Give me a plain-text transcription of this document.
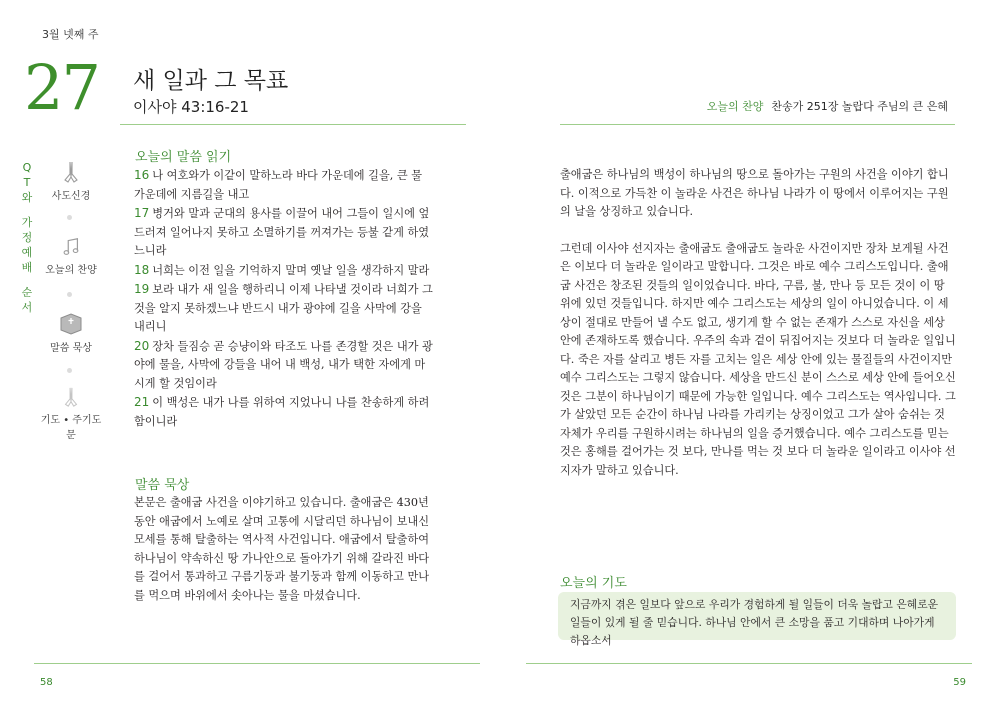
3월 넷째 주
27 새 일과 그 목표
이사야 43:16-21	오늘의 찬양 찬송가 251장 놀랍다 주님의 큰 은혜
Q
T
와
가
정
예
배
순
서
사도신경
오늘의 찬양
말씀 묵상
기도 • 주기도문
오늘의 말씀 읽기

16 나 여호와가 이같이 말하노라 바다 가운데에 길을, 큰 물 가운데에 지름길을 내고

17 병거와 말과 군대의 용사를 이끌어 내어 그들이 일시에 엎드러져 일어나지 못하고 소멸하기를 꺼져가는 등불 같게 하였느니라

18 너희는 이전 일을 기억하지 말며 옛날 일을 생각하지 말라

19 보라 내가 새 일을 행하리니 이제 나타낼 것이라 너희가 그것을 알지 못하겠느냐 반드시 내가 광야에 길을 사막에 강을 내리니

20 장차 들짐승 곧 승냥이와 타조도 나를 존경할 것은 내가 광야에 물을, 사막에 강들을 내어 내 백성, 내가 택한 자에게 마시게 할 것임이라

21 이 백성은 내가 나를 위하여 지었나니 나를 찬송하게 하려 함이니라

말씀 묵상

본문은 출애굽 사건을 이야기하고 있습니다. 출애굽은 430년 동안 애굽에서 노예로 살며 고통에 시달리던 하나님이 보내신 모세를 통해 탈출하는 역사적 사건입니다. 애굽에서 탈출하여 하나님이 약속하신 땅 가나안으로 돌아가기 위해 갈라진 바다를 걸어서 통과하고 구름기둥과 불기둥과 함께 이동하고 만나를 먹으며 바위에서 솟아나는 물을 마셨습니다.

출애굽은 하나님의 백성이 하나님의 땅으로 돌아가는 구원의 사건을 이야기 합니다. 이적으로 가득찬 이 놀라운 사건은 하나님 나라가 이 땅에서 이루어지는 구원의 날을 상징하고 있습니다.

그런데 이사야 선지자는 출애굽도 출애굽도 놀라운 사건이지만 장차 보게될 사건은 이보다 더 놀라운 일이라고 말합니다. 그것은 바로 예수 그리스도입니다. 출애굽 사건은 창조된 것들의 일이었습니다. 바다, 구름, 불, 만나 등 모든 것이 이 땅 위에 있던 것들입니다. 하지만 예수 그리스도는 세상의 일이 아니었습니다. 이 세상이 절대로 만들어 낼 수도 없고, 생기게 할 수 없는 존재가 스스로 자신을 세상 안에 존재하도록 했습니다. 우주의 속과 겉이 뒤집어지는 것보다 더 놀라운 일입니다. 죽은 자를 살리고 병든 자를 고치는 일은 세상 안에 있는 물질들의 사건이지만 예수 그리스도는 그렇지 않습니다. 세상을 만드신 분이 스스로 세상 안에 들어오신 것은 그분이 하나님이기 때문에 가능한 일입니다. 예수 그리스도는 역사입니다. 그가 살았던 모든 순간이 하나님 나라를 가리키는 상징이었고 그가 살아 숨쉬는 것 자체가 우리를 구원하시려는 하나님의 일을 증거했습니다. 예수 그리스도를 믿는 것은 홍해를 걸어가는 것 보다, 만나를 먹는 것 보다 더 놀라운 일이라고 이사야 선지자가 말하고 있습니다.

오늘의 기도
지금까지 겪은 일보다 앞으로 우리가 경험하게 될 일들이 더욱 놀랍고 은혜로운 일들이 있게 될 줄 믿습니다. 하나님 안에서 큰 소망을 품고 기대하며 나아가게 하옵소서
58	59
